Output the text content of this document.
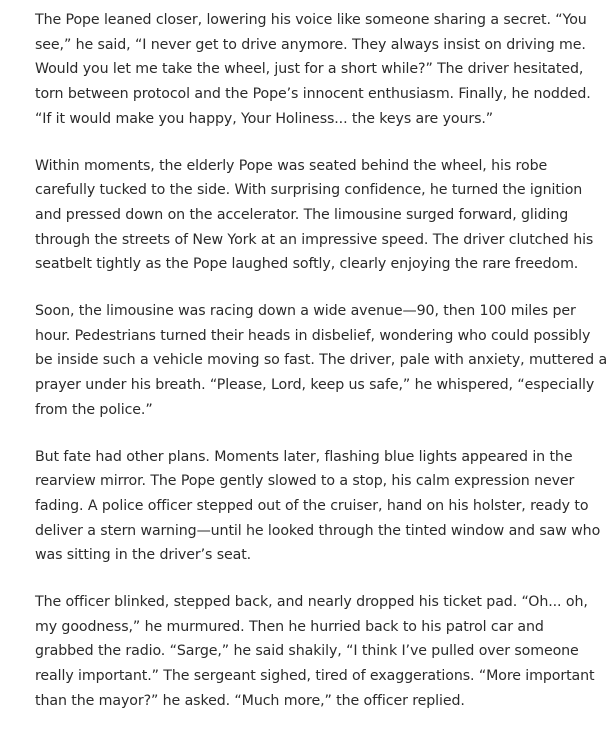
The Pope leaned closer, lowering his voice like someone sharing a secret. “You
see,” he said, “I never get to drive anymore. They always insist on driving me.
Would you let me take the wheel, just for a short while?” The driver hesitated,
torn between protocol and the Pope’s innocent enthusiasm. Finally, he nodded.
“If it would make you happy, Your Holiness... the keys are yours.”

Within moments, the elderly Pope was seated behind the wheel, his robe
carefully tucked to the side. With surprising confidence, he turned the ignition
and pressed down on the accelerator. The limousine surged forward, gliding
through the streets of New York at an impressive speed. The driver clutched his
seatbelt tightly as the Pope laughed softly, clearly enjoying the rare freedom.

Soon, the limousine was racing down a wide avenue—90, then 100 miles per
hour. Pedestrians turned their heads in disbelief, wondering who could possibly
be inside such a vehicle moving so fast. The driver, pale with anxiety, muttered a
prayer under his breath. “Please, Lord, keep us safe,” he whispered, “especially
from the police.”

But fate had other plans. Moments later, flashing blue lights appeared in the
rearview mirror. The Pope gently slowed to a stop, his calm expression never
fading. A police officer stepped out of the cruiser, hand on his holster, ready to
deliver a stern warning—until he looked through the tinted window and saw who
was sitting in the driver’s seat.

The officer blinked, stepped back, and nearly dropped his ticket pad. “Oh... oh,
my goodness,” he murmured. Then he hurried back to his patrol car and
grabbed the radio. “Sarge,” he said shakily, “I think I’ve pulled over someone
really important.” The sergeant sighed, tired of exaggerations. “More important
than the mayor?” he asked. “Much more,” the officer replied.
